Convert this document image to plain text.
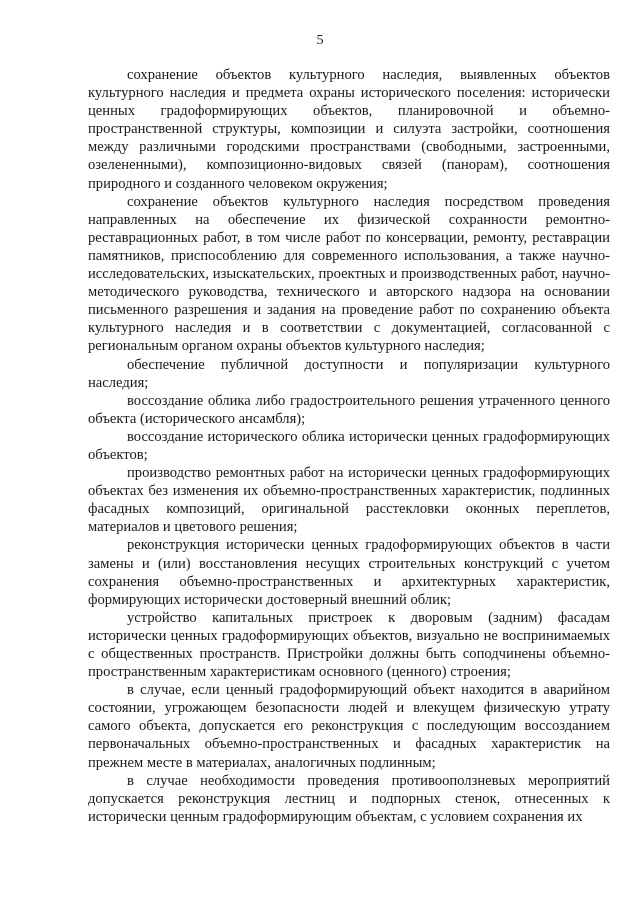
5

сохранение объектов культурного наследия, выявленных объектов культурного наследия и предмета охраны исторического поселения: исторически ценных градоформирующих объектов, планировочной и объемно-пространственной структуры, композиции и силуэта застройки, соотношения между различными городскими пространствами (свободными, застроенными, озелененными), композиционно-видовых связей (панорам), соотношения природного и созданного человеком окружения;

сохранение объектов культурного наследия посредством проведения направленных на обеспечение их физической сохранности ремонтно-реставрационных работ, в том числе работ по консервации, ремонту, реставрации памятников, приспособлению для современного использования, а также научно-исследовательских, изыскательских, проектных и производственных работ, научно-методического руководства, технического и авторского надзора на основании письменного разрешения и задания на проведение работ по сохранению объекта культурного наследия и в соответствии с документацией, согласованной с региональным органом охраны объектов культурного наследия;

обеспечение публичной доступности и популяризации культурного наследия;

воссоздание облика либо градостроительного решения утраченного ценного объекта (исторического ансамбля);

воссоздание исторического облика исторически ценных градоформирующих объектов;

производство ремонтных работ на исторически ценных градоформирующих объектах без изменения их объемно-пространственных характеристик, подлинных фасадных композиций, оригинальной расстекловки оконных переплетов, материалов и цветового решения;

реконструкция исторически ценных градоформирующих объектов в части замены и (или) восстановления несущих строительных конструкций с учетом сохранения объемно-пространственных и архитектурных характеристик, формирующих исторически достоверный внешний облик;

устройство капитальных пристроек к дворовым (задним) фасадам исторически ценных градоформирующих объектов, визуально не воспринимаемых с общественных пространств. Пристройки должны быть соподчинены объемно-пространственным характеристикам основного (ценного) строения;

в случае, если ценный градоформирующий объект находится в аварийном состоянии, угрожающем безопасности людей и влекущем физическую утрату самого объекта, допускается его реконструкция с последующим воссозданием первоначальных объемно-пространственных и фасадных характеристик на прежнем месте в материалах, аналогичных подлинным;

в случае необходимости проведения противооползневых мероприятий допускается реконструкция лестниц и подпорных стенок, отнесенных к исторически ценным градоформирующим объектам, с условием сохранения их
